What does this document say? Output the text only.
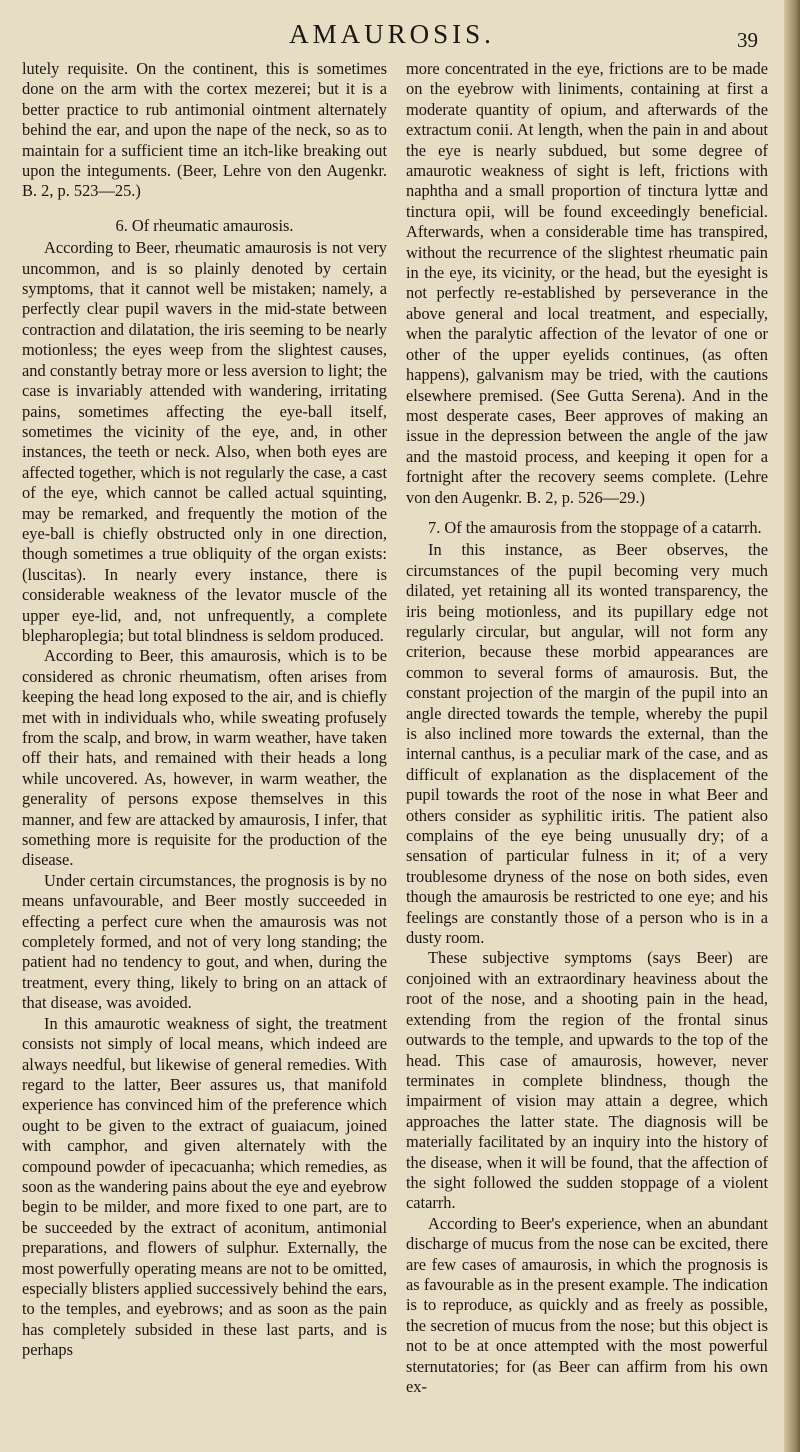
AMAUROSIS.	39

lutely requisite. On the continent, this is sometimes done on the arm with the cortex mezerei; but it is a better practice to rub antimonial ointment alternately behind the ear, and upon the nape of the neck, so as to maintain for a sufficient time an itch-like breaking out upon the integuments. (Beer, Lehre von den Augenkr. B. 2, p. 523—25.)

6. Of rheumatic amaurosis.

According to Beer, rheumatic amaurosis is not very uncommon, and is so plainly denoted by certain symptoms, that it cannot well be mistaken; namely, a perfectly clear pupil wavers in the mid-state between contraction and dilatation, the iris seeming to be nearly motionless; the eyes weep from the slightest causes, and constantly betray more or less aversion to light; the case is invariably attended with wandering, irritating pains, sometimes affecting the eye-ball itself, sometimes the vicinity of the eye, and, in other instances, the teeth or neck. Also, when both eyes are affected together, which is not regularly the case, a cast of the eye, which cannot be called actual squinting, may be remarked, and frequently the motion of the eye-ball is chiefly obstructed only in one direction, though sometimes a true obliquity of the organ exists: (luscitas). In nearly every instance, there is considerable weakness of the levator muscle of the upper eye-lid, and, not unfrequently, a complete blepharoplegia; but total blindness is seldom produced.

According to Beer, this amaurosis, which is to be considered as chronic rheumatism, often arises from keeping the head long exposed to the air, and is chiefly met with in individuals who, while sweating profusely from the scalp, and brow, in warm weather, have taken off their hats, and remained with their heads a long while uncovered. As, however, in warm weather, the generality of persons expose themselves in this manner, and few are attacked by amaurosis, I infer, that something more is requisite for the production of the disease.

Under certain circumstances, the prognosis is by no means unfavourable, and Beer mostly succeeded in effecting a perfect cure when the amaurosis was not completely formed, and not of very long standing; the patient had no tendency to gout, and when, during the treatment, every thing, likely to bring on an attack of that disease, was avoided.

In this amaurotic weakness of sight, the treatment consists not simply of local means, which indeed are always needful, but likewise of general remedies. With regard to the latter, Beer assures us, that manifold experience has convinced him of the preference which ought to be given to the extract of guaiacum, joined with camphor, and given alternately with the compound powder of ipecacuanha; which remedies, as soon as the wandering pains about the eye and eyebrow begin to be milder, and more fixed to one part, are to be succeeded by the extract of aconitum, antimonial preparations, and flowers of sulphur. Externally, the most powerfully operating means are not to be omitted, especially blisters applied successively behind the ears, to the temples, and eyebrows; and as soon as the pain has completely subsided in these last parts, and is perhaps

more concentrated in the eye, frictions are to be made on the eyebrow with liniments, containing at first a moderate quantity of opium, and afterwards of the extractum conii. At length, when the pain in and about the eye is nearly subdued, but some degree of amaurotic weakness of sight is left, frictions with naphtha and a small proportion of tinctura lyttæ and tinctura opii, will be found exceedingly beneficial. Afterwards, when a considerable time has transpired, without the recurrence of the slightest rheumatic pain in the eye, its vicinity, or the head, but the eyesight is not perfectly re-established by perseverance in the above general and local treatment, and especially, when the paralytic affection of the levator of one or other of the upper eyelids continues, (as often happens), galvanism may be tried, with the cautions elsewhere premised. (See Gutta Serena). And in the most desperate cases, Beer approves of making an issue in the depression between the angle of the jaw and the mastoid process, and keeping it open for a fortnight after the recovery seems complete. (Lehre von den Augenkr. B. 2, p. 526—29.)

7. Of the amaurosis from the stoppage of a catarrh.

In this instance, as Beer observes, the circumstances of the pupil becoming very much dilated, yet retaining all its wonted transparency, the iris being motionless, and its pupillary edge not regularly circular, but angular, will not form any criterion, because these morbid appearances are common to several forms of amaurosis. But, the constant projection of the margin of the pupil into an angle directed towards the temple, whereby the pupil is also inclined more towards the external, than the internal canthus, is a peculiar mark of the case, and as difficult of explanation as the displacement of the pupil towards the root of the nose in what Beer and others consider as syphilitic iritis. The patient also complains of the eye being unusually dry; of a sensation of particular fulness in it; of a very troublesome dryness of the nose on both sides, even though the amaurosis be restricted to one eye; and his feelings are constantly those of a person who is in a dusty room.

These subjective symptoms (says Beer) are conjoined with an extraordinary heaviness about the root of the nose, and a shooting pain in the head, extending from the region of the frontal sinus outwards to the temple, and upwards to the top of the head. This case of amaurosis, however, never terminates in complete blindness, though the impairment of vision may attain a degree, which approaches the latter state. The diagnosis will be materially facilitated by an inquiry into the history of the disease, when it will be found, that the affection of the sight followed the sudden stoppage of a violent catarrh.

According to Beer's experience, when an abundant discharge of mucus from the nose can be excited, there are few cases of amaurosis, in which the prognosis is as favourable as in the present example. The indication is to reproduce, as quickly and as freely as possible, the secretion of mucus from the nose; but this object is not to be at once attempted with the most powerful sternutatories; for (as Beer can affirm from his own ex-
